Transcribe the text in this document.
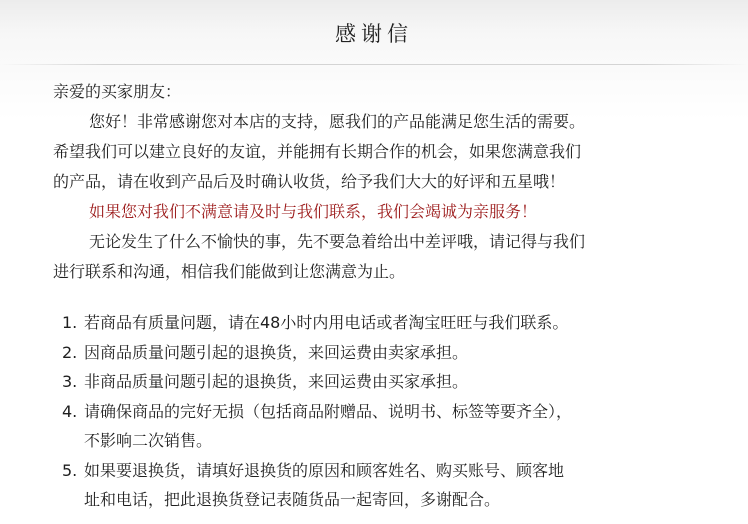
感谢信
亲爱的买家朋友：
您好！非常感谢您对本店的支持，愿我们的产品能满足您生活的需要。
希望我们可以建立良好的友谊，并能拥有长期合作的机会，如果您满意我们
的产品，请在收到产品后及时确认收货，给予我们大大的好评和五星哦！
如果您对我们不满意请及时与我们联系，我们会竭诚为亲服务！
无论发生了什么不愉快的事，先不要急着给出中差评哦，请记得与我们
进行联系和沟通，相信我们能做到让您满意为止。
1. 若商品有质量问题，请在48小时内用电话或者淘宝旺旺与我们联系。
2. 因商品质量问题引起的退换货，来回运费由卖家承担。
3. 非商品质量问题引起的退换货，来回运费由买家承担。
4. 请确保商品的完好无损（包括商品附赠品、说明书、标签等要齐全），
不影响二次销售。
5. 如果要退换货，请填好退换货的原因和顾客姓名、购买账号、顾客地
址和电话，把此退换货登记表随货品一起寄回，多谢配合。
